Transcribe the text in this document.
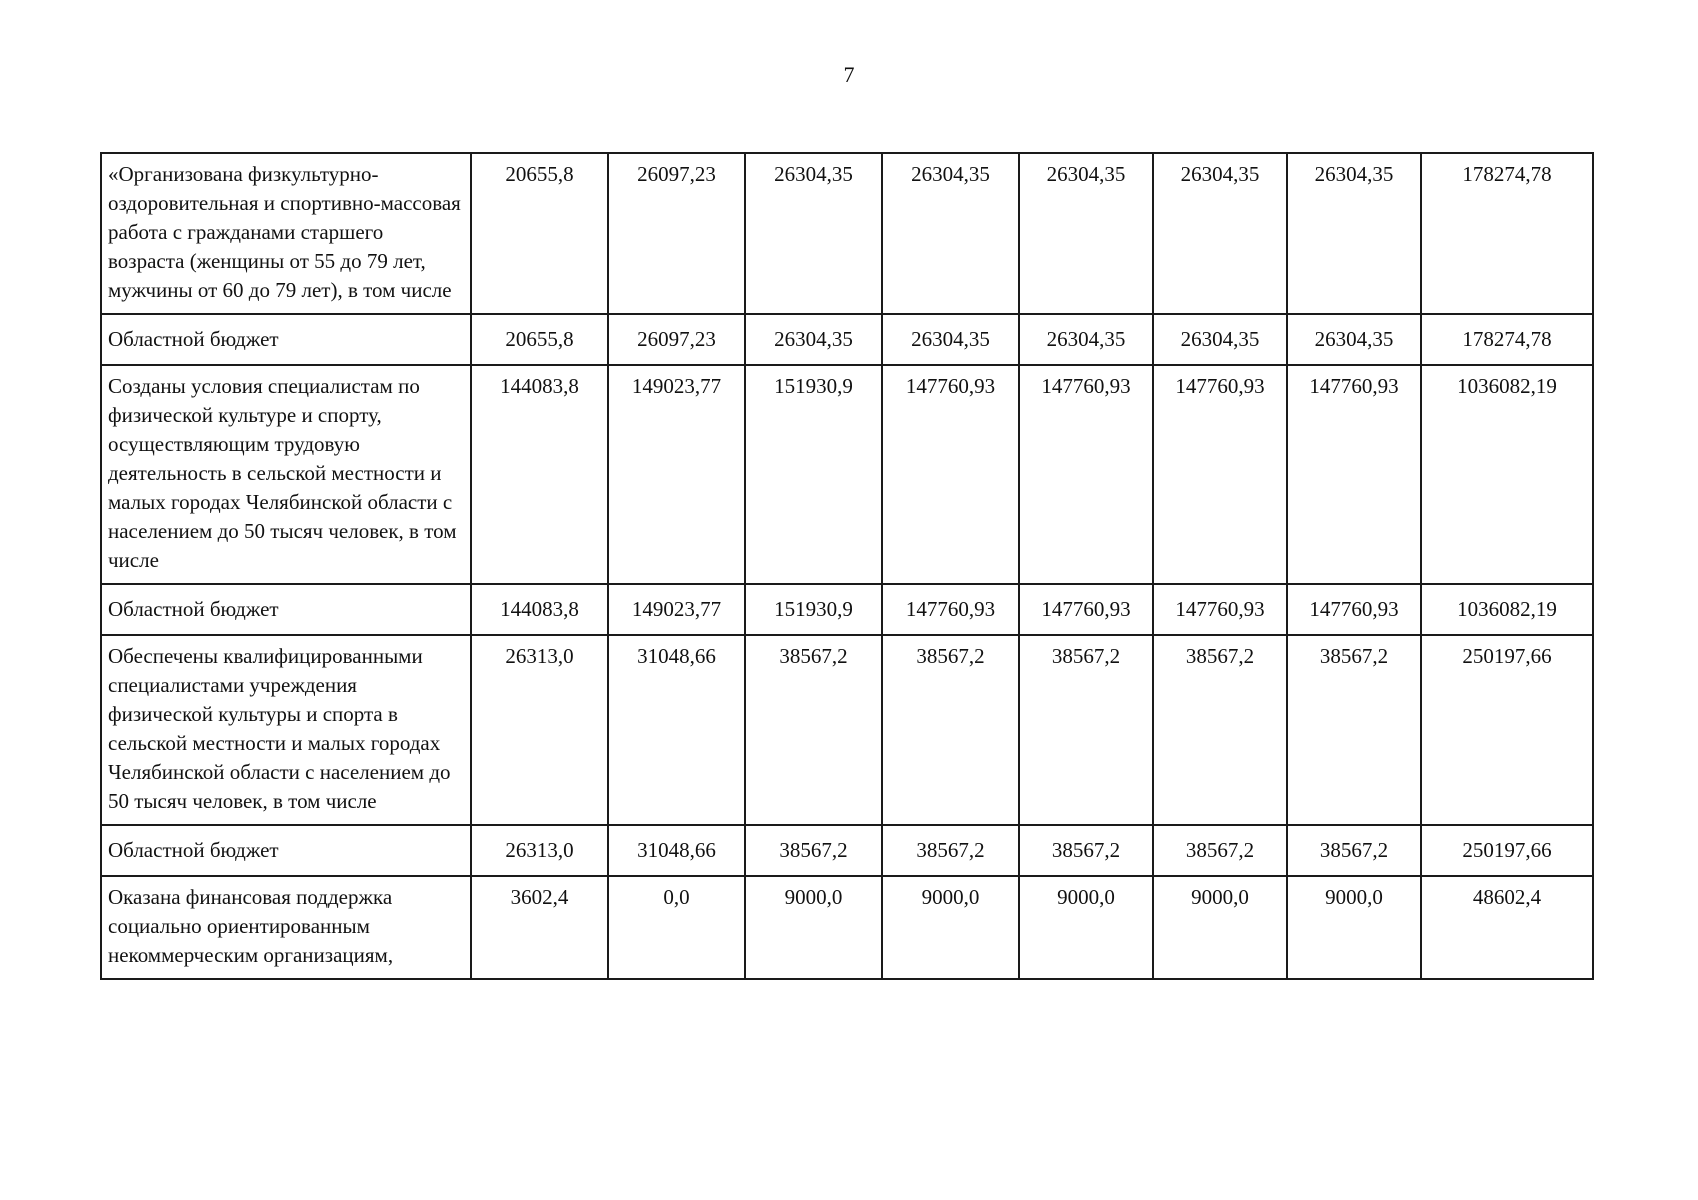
7
«Организована физкультурно-оздоровительная и спортивно-массовая работа с гражданами старшего возраста (женщины от 55 до 79 лет, мужчины от 60 до 79 лет), в том числе	20655,8	26097,23	26304,35	26304,35	26304,35	26304,35	26304,35	178274,78
Областной бюджет	20655,8	26097,23	26304,35	26304,35	26304,35	26304,35	26304,35	178274,78
Созданы условия специалистам по физической культуре и спорту, осуществляющим трудовую деятельность в сельской местности и малых городах Челябинской области с населением до 50 тысяч человек, в том числе	144083,8	149023,77	151930,9	147760,93	147760,93	147760,93	147760,93	1036082,19
Областной бюджет	144083,8	149023,77	151930,9	147760,93	147760,93	147760,93	147760,93	1036082,19
Обеспечены квалифицированными специалистами учреждения физической культуры и спорта в сельской местности и малых городах Челябинской области с населением до 50 тысяч человек, в том числе	26313,0	31048,66	38567,2	38567,2	38567,2	38567,2	38567,2	250197,66
Областной бюджет	26313,0	31048,66	38567,2	38567,2	38567,2	38567,2	38567,2	250197,66
Оказана финансовая поддержка социально ориентированным некоммерческим организациям,	3602,4	0,0	9000,0	9000,0	9000,0	9000,0	9000,0	48602,4
